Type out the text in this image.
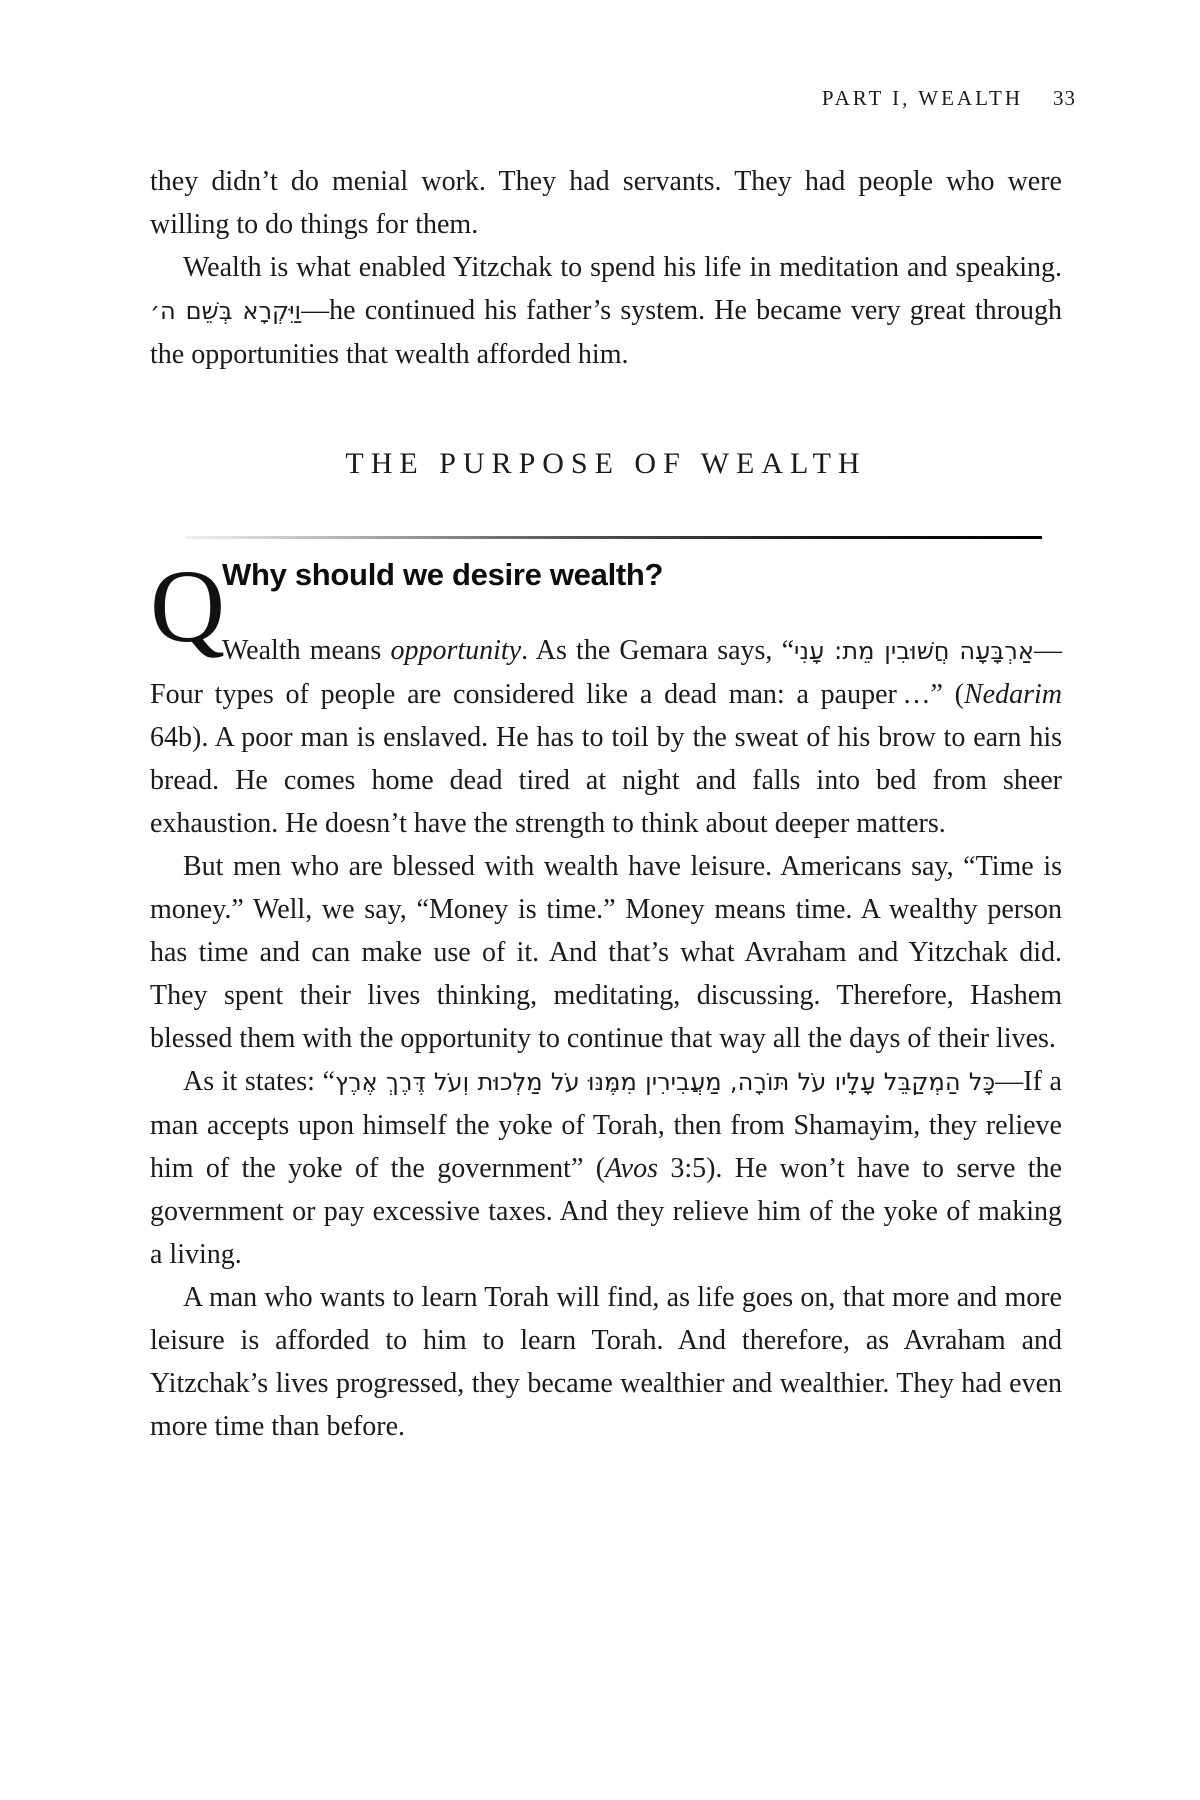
PART I, WEALTH 33

they didn’t do menial work. They had servants. They had people who were willing to do things for them.

Wealth is what enabled Yitzchak to spend his life in meditation and speaking. וַיִּקְרָא בְּשֵׁם ה׳—he continued his father’s system. He became very great through the opportunities that wealth afforded him.

THE PURPOSE OF WEALTH
Q
Why should we desire wealth?

Wealth means opportunity. As the Gemara says, “אַרְבָּעָה חֲשׁוּבִין מֵת: עָנִי—Four types of people are considered like a dead man: a pauper …” (Nedarim 64b). A poor man is enslaved. He has to toil by the sweat of his brow to earn his bread. He comes home dead tired at night and falls into bed from sheer exhaustion. He doesn’t have the strength to think about deeper matters.

But men who are blessed with wealth have leisure. Americans say, “Time is money.” Well, we say, “Money is time.” Money means time. A wealthy person has time and can make use of it. And that’s what Avraham and Yitzchak did. They spent their lives thinking, meditating, discussing. Therefore, Hashem blessed them with the opportunity to continue that way all the days of their lives.

As it states: “כָּל הַמְקַבֵּל עָלָיו עֹל תּוֹרָה, מַעֲבִירִין מִמֶּנּוּ עֹל מַלְכוּת וְעֹל דֶּרֶךְ אֶרֶץ—If a man accepts upon himself the yoke of Torah, then from Shamayim, they relieve him of the yoke of the government” (Avos 3:5). He won’t have to serve the government or pay excessive taxes. And they relieve him of the yoke of making a living.

A man who wants to learn Torah will find, as life goes on, that more and more leisure is afforded to him to learn Torah. And therefore, as Avraham and Yitzchak’s lives progressed, they became wealthier and wealthier. They had even more time than before.
